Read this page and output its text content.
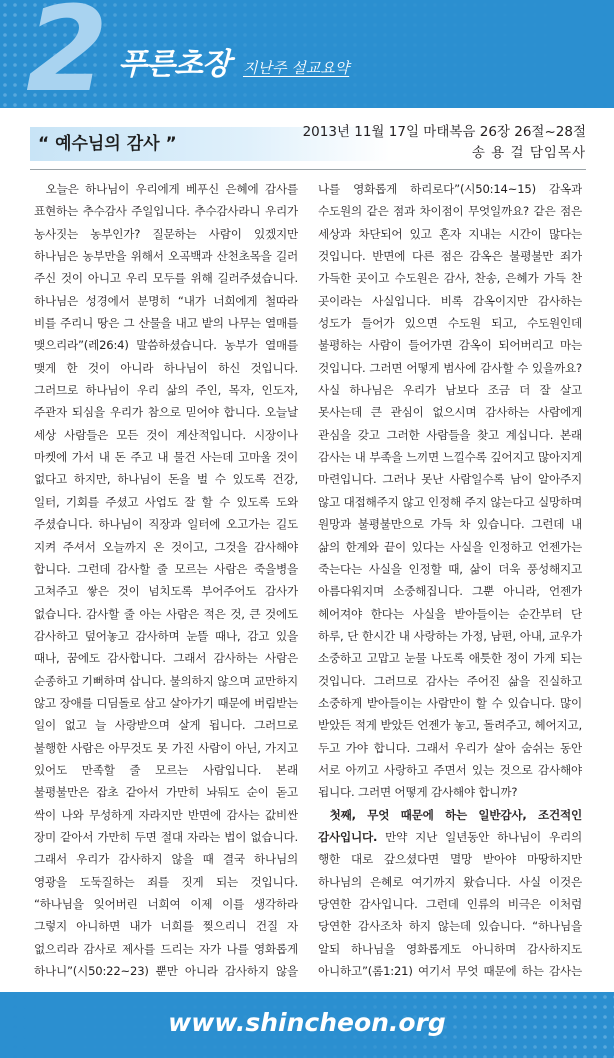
2 푸른초장 지난주 설교요약
“ 예수님의 감사 ”
2013년 11월 17일 마태복음 26장 26절~28절
송 용 걸 담임목사

오늘은 하나님이 우리에게 베푸신 은혜에 감사를 표현하는 추수감사 주일입니다. 추수감사라니 우리가 농사짓는 농부인가? 질문하는 사람이 있겠지만 하나님은 농부만을 위해서 오곡백과 산천초목을 길러 주신 것이 아니고 우리 모두를 위해 길러주셨습니다. 하나님은 성경에서 분명히 “내가 너희에게 철따라 비를 주리니 땅은 그 산물을 내고 밭의 나무는 열매를 맺으리라”(레26:4) 말씀하셨습니다. 농부가 열매를 맺게 한 것이 아니라 하나님이 하신 것입니다. 그러므로 하나님이 우리 삶의 주인, 목자, 인도자, 주관자 되심을 우리가 참으로 믿어야 합니다. 오늘날 세상 사람들은 모든 것이 계산적입니다. 시장이나 마켓에 가서 내 돈 주고 내 물건 사는데 고마울 것이 없다고 하지만, 하나님이 돈을 벌 수 있도록 건강, 일터, 기회를 주셨고 사업도 잘 할 수 있도록 도와 주셨습니다. 하나님이 직장과 일터에 오고가는 길도 지켜 주셔서 오늘까지 온 것이고, 그것을 감사해야 합니다. 그런데 감사할 줄 모르는 사람은 죽을병을 고쳐주고 쌓은 것이 넘치도록 부어주어도 감사가 없습니다. 감사할 줄 아는 사람은 적은 것, 큰 것에도 감사하고 덮어놓고 감사하며 눈뜰 때나, 감고 있을 때나, 꿈에도 감사합니다. 그래서 감사하는 사람은 순종하고 기뻐하며 삽니다. 불의하지 않으며 교만하지 않고 장애를 디딤돌로 삼고 살아가기 때문에 버림받는 일이 없고 늘 사랑받으며 살게 됩니다. 그러므로 불행한 사람은 아무것도 못 가진 사람이 아닌, 가지고 있어도 만족할 줄 모르는 사람입니다. 본래 불평불만은 잡초 같아서 가만히 놔둬도 순이 돋고 싹이 나와 무성하게 자라지만 반면에 감사는 값비싼 장미 같아서 가만히 두면 절대 자라는 법이 없습니다. 그래서 우리가 감사하지 않을 때 결국 하나님의 영광을 도둑질하는 죄를 짓게 되는 것입니다. “하나님을 잊어버린 너희여 이제 이를 생각하라 그렇지 아니하면 내가 너희를 찢으리니 건질 자 없으리라 감사로 제사를 드리는 자가 나를 영화롭게 하나니”(시50:22~23) 뿐만 아니라 감사하지 않을

나를 영화롭게 하리로다”(시50:14~15) 감옥과 수도원의 같은 점과 차이점이 무엇일까요? 같은 점은 세상과 차단되어 있고 혼자 지내는 시간이 많다는 것입니다. 반면에 다른 점은 감옥은 불평불만 죄가 가득한 곳이고 수도원은 감사, 찬송, 은혜가 가득 찬 곳이라는 사실입니다. 비록 감옥이지만 감사하는 성도가 들어가 있으면 수도원 되고, 수도원인데 불평하는 사람이 들어가면 감옥이 되어버리고 마는 것입니다. 그러면 어떻게 범사에 감사할 수 있을까요?사실 하나님은 우리가 남보다 조금 더 잘 살고 못사는데 큰 관심이 없으시며 감사하는 사람에게 관심을 갖고 그러한 사람들을 찾고 계십니다. 본래 감사는 내 부족을 느끼면 느낄수록 깊어지고 많아지게 마련입니다. 그러나 못난 사람일수록 남이 알아주지 않고 대접해주지 않고 인정해 주지 않는다고 실망하며 원망과 불평불만으로 가득 차 있습니다. 그런데 내 삶의 한계와 끝이 있다는 사실을 인정하고 언젠가는 죽는다는 사실을 인정할 때, 삶이 더욱 풍성해지고 아름다워지며 소중해집니다. 그뿐 아니라, 언젠가 헤어져야 한다는 사실을 받아들이는 순간부터 단 하루, 단 한시간 내 사랑하는 가정, 남편, 아내, 교우가 소중하고 고맙고 눈물 나도록 애틋한 정이 가게 되는 것입니다. 그러므로 감사는 주어진 삶을 진실하고 소중하게 받아들이는 사람만이 할 수 있습니다. 많이 받았든 적게 받았든 언젠가 놓고, 돌려주고, 헤어지고, 두고 가야 합니다. 그래서 우리가 살아 숨쉬는 동안 서로 아끼고 사랑하고 주면서 있는 것으로 감사해야 됩니다. 그러면 어떻게 감사해야 합니까?

첫째, 무엇 때문에 하는 일반감사, 조건적인 감사입니다. 만약 지난 일년동안 하나님이 우리의 행한 대로 갚으셨다면 멸망 받아야 마땅하지만 하나님의 은혜로 여기까지 왔습니다. 사실 이것은 당연한 감사입니다. 그런데 인류의 비극은 이처럼 당연한 감사조차 하지 않는데 있습니다. “하나님을 알되 하나님을 영화롭게도 아니하며 감사하지도 아니하고”(롬1:21) 여기서 무엇 때문에 하는 감사는

www.shincheon.org
